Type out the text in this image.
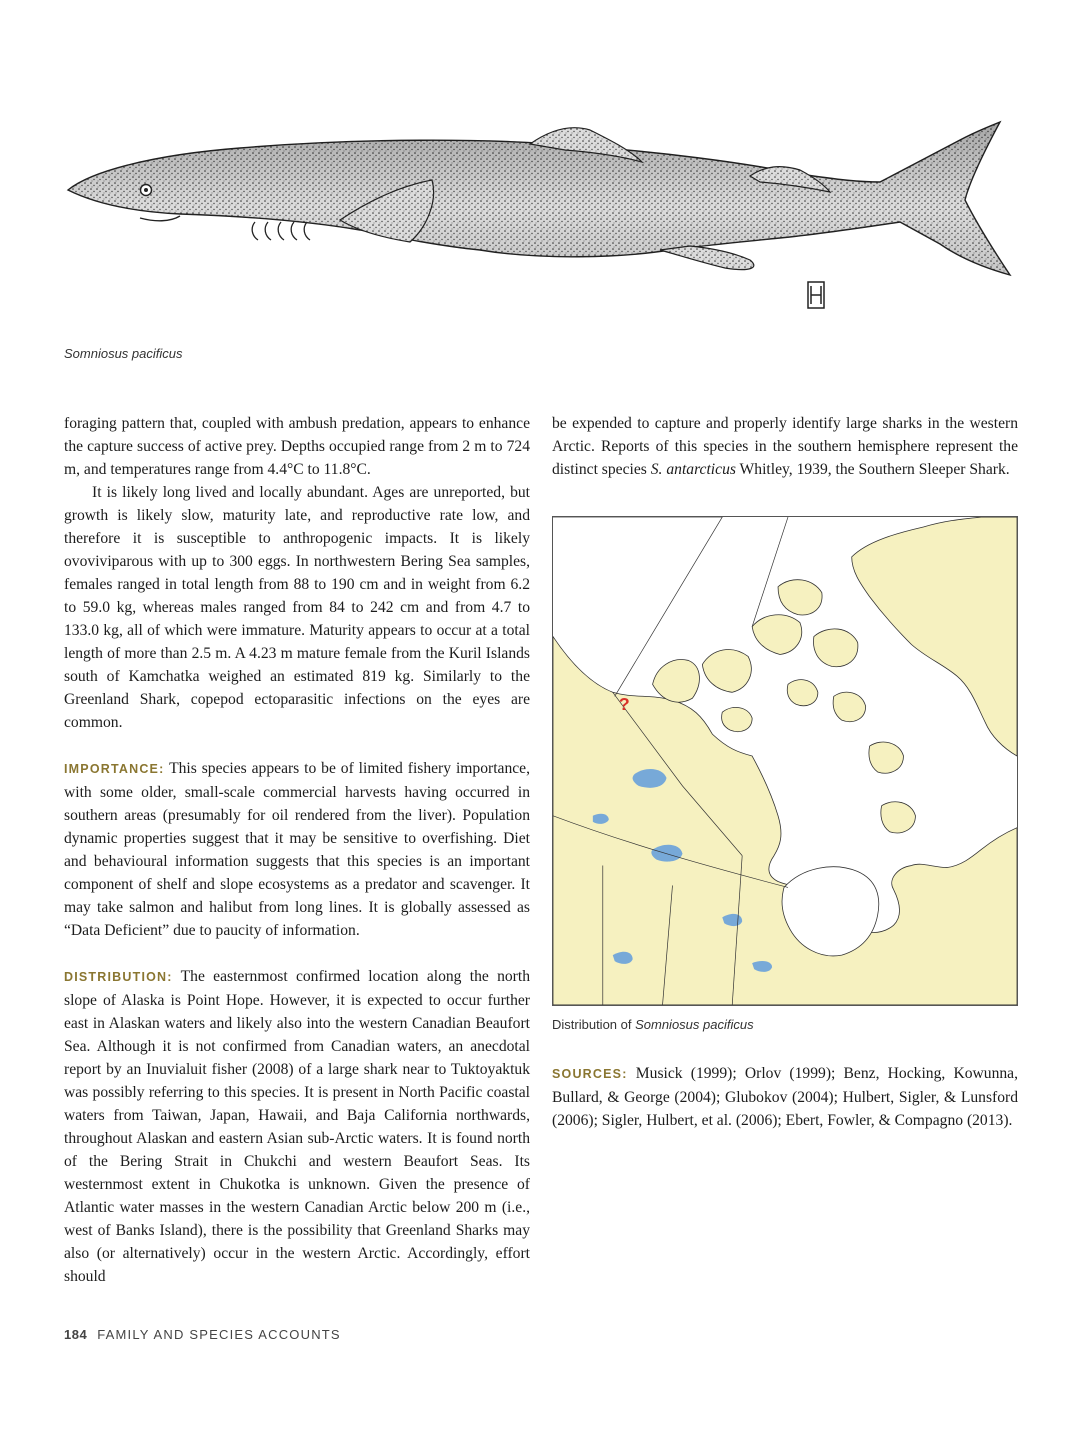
Somniosus pacificus

foraging pattern that, coupled with ambush predation, appears to enhance the capture success of active prey. Depths occupied range from 2 m to 724 m, and temperatures range from 4.4°C to 11.8°C.

It is likely long lived and locally abundant. Ages are unreported, but growth is likely slow, maturity late, and reproductive rate low, and therefore it is susceptible to anthropogenic impacts. It is likely ovoviviparous with up to 300 eggs. In northwestern Bering Sea samples, females ranged in total length from 88 to 190 cm and in weight from 6.2 to 59.0 kg, whereas males ranged from 84 to 242 cm and from 4.7 to 133.0 kg, all of which were immature. Maturity appears to occur at a total length of more than 2.5 m. A 4.23 m mature female from the Kuril Islands south of Kamchatka weighed an estimated 819 kg. Similarly to the Greenland Shark, copepod ectoparasitic infections on the eyes are common.

IMPORTANCE: This species appears to be of limited fishery importance, with some older, small-scale commercial harvests having occurred in southern areas (presumably for oil rendered from the liver). Population dynamic properties suggest that it may be sensitive to overfishing. Diet and behavioural information suggests that this species is an important component of shelf and slope ecosystems as a predator and scavenger. It may take salmon and halibut from long lines. It is globally assessed as “Data Deficient” due to paucity of information.

DISTRIBUTION: The easternmost confirmed location along the north slope of Alaska is Point Hope. However, it is expected to occur further east in Alaskan waters and likely also into the western Canadian Beaufort Sea. Although it is not confirmed from Canadian waters, an anecdotal report by an Inuvialuit fisher (2008) of a large shark near to Tuktoyaktuk was possibly referring to this species. It is present in North Pacific coastal waters from Taiwan, Japan, Hawaii, and Baja California northwards, throughout Alaskan and eastern Asian sub-Arctic waters. It is found north of the Bering Strait in Chukchi and western Beaufort Seas. Its westernmost extent in Chukotka is unknown. Given the presence of Atlantic water masses in the western Canadian Arctic below 200 m (i.e., west of Banks Island), there is the possibility that Greenland Sharks may also (or alternatively) occur in the western Arctic. Accordingly, effort should

be expended to capture and properly identify large sharks in the western Arctic. Reports of this species in the southern hemisphere represent the distinct species S. antarcticus Whitley, 1939, the Southern Sleeper Shark.

?
Distribution of Somniosus pacificus

SOURCES: Musick (1999); Orlov (1999); Benz, Hocking, Kowunna, Bullard, & George (2004); Glubokov (2004); Hulbert, Sigler, & Lunsford (2006); Sigler, Hulbert, et al. (2006); Ebert, Fowler, & Compagno (2013).

184 FAMILY AND SPECIES ACCOUNTS
